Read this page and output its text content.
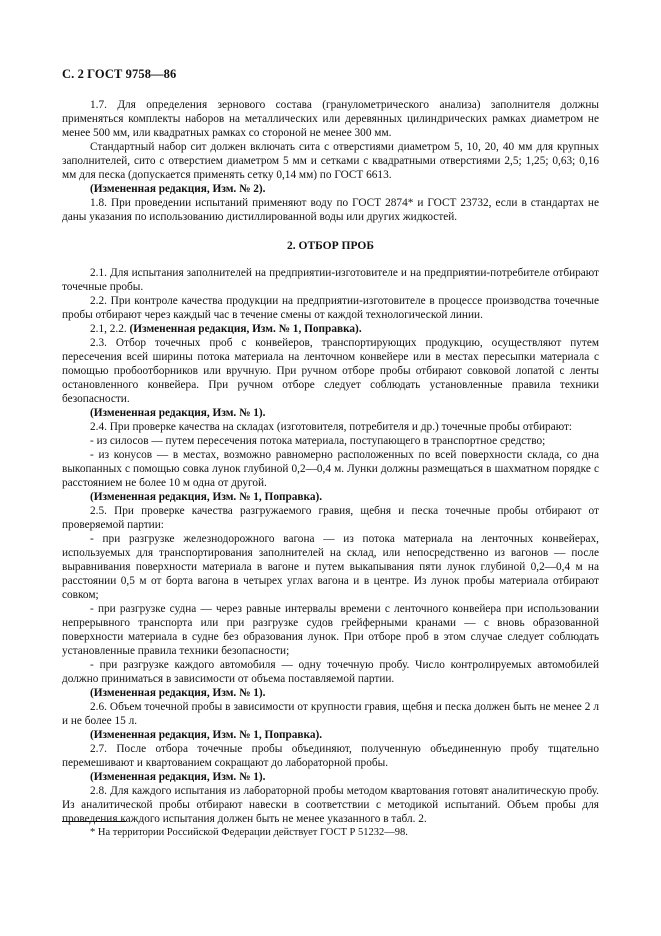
С. 2 ГОСТ 9758—86

1.7. Для определения зернового состава (гранулометрического анализа) заполнителя должны применяться комплекты наборов на металлических или деревянных цилиндрических рамках диаметром не менее 500 мм, или квадратных рамках со стороной не менее 300 мм.

Стандартный набор сит должен включать сита с отверстиями диаметром 5, 10, 20, 40 мм для крупных заполнителей, сито с отверстием диаметром 5 мм и сетками с квадратными отверстиями 2,5; 1,25; 0,63; 0,16 мм для песка (допускается применять сетку 0,14 мм) по ГОСТ 6613.

(Измененная редакция, Изм. № 2).

1.8. При проведении испытаний применяют воду по ГОСТ 2874* и ГОСТ 23732, если в стандартах не даны указания по использованию дистиллированной воды или других жидкостей.

2. ОТБОР ПРОБ

2.1. Для испытания заполнителей на предприятии-изготовителе и на предприятии-потребителе отбирают точечные пробы.

2.2. При контроле качества продукции на предприятии-изготовителе в процессе производства точечные пробы отбирают через каждый час в течение смены от каждой технологической линии.

2.1, 2.2. (Измененная редакция, Изм. № 1, Поправка).

2.3. Отбор точечных проб с конвейеров, транспортирующих продукцию, осуществляют путем пересечения всей ширины потока материала на ленточном конвейере или в местах пересыпки материала с помощью пробоотборников или вручную. При ручном отборе пробы отбирают совковой лопатой с ленты остановленного конвейера. При ручном отборе следует соблюдать установленные правила техники безопасности.

(Измененная редакция, Изм. № 1).

2.4. При проверке качества на складах (изготовителя, потребителя и др.) точечные пробы отбирают:

- из силосов — путем пересечения потока материала, поступающего в транспортное средство;

- из конусов — в местах, возможно равномерно расположенных по всей поверхности склада, со дна выкопанных с помощью совка лунок глубиной 0,2—0,4 м. Лунки должны размещаться в шахматном порядке с расстоянием не более 10 м одна от другой.

(Измененная редакция, Изм. № 1, Поправка).

2.5. При проверке качества разгружаемого гравия, щебня и песка точечные пробы отбирают от проверяемой партии:

- при разгрузке железнодорожного вагона — из потока материала на ленточных конвейерах, используемых для транспортирования заполнителей на склад, или непосредственно из вагонов — после выравнивания поверхности материала в вагоне и путем выкапывания пяти лунок глубиной 0,2—0,4 м на расстоянии 0,5 м от борта вагона в четырех углах вагона и в центре. Из лунок пробы материала отбирают совком;

- при разгрузке судна — через равные интервалы времени с ленточного конвейера при использовании непрерывного транспорта или при разгрузке судов грейферными кранами — с вновь образованной поверхности материала в судне без образования лунок. При отборе проб в этом случае следует соблюдать установленные правила техники безопасности;

- при разгрузке каждого автомобиля — одну точечную пробу. Число контролируемых автомобилей должно приниматься в зависимости от объема поставляемой партии.

(Измененная редакция, Изм. № 1).

2.6. Объем точечной пробы в зависимости от крупности гравия, щебня и песка должен быть не менее 2 л и не более 15 л.

(Измененная редакция, Изм. № 1, Поправка).

2.7. После отбора точечные пробы объединяют, полученную объединенную пробу тщательно перемешивают и квартованием сокращают до лабораторной пробы.

(Измененная редакция, Изм. № 1).

2.8. Для каждого испытания из лабораторной пробы методом квартования готовят аналитическую пробу. Из аналитической пробы отбирают навески в соответствии с методикой испытаний. Объем пробы для проведения каждого испытания должен быть не менее указанного в табл. 2.

* На территории Российской Федерации действует ГОСТ Р 51232—98.
